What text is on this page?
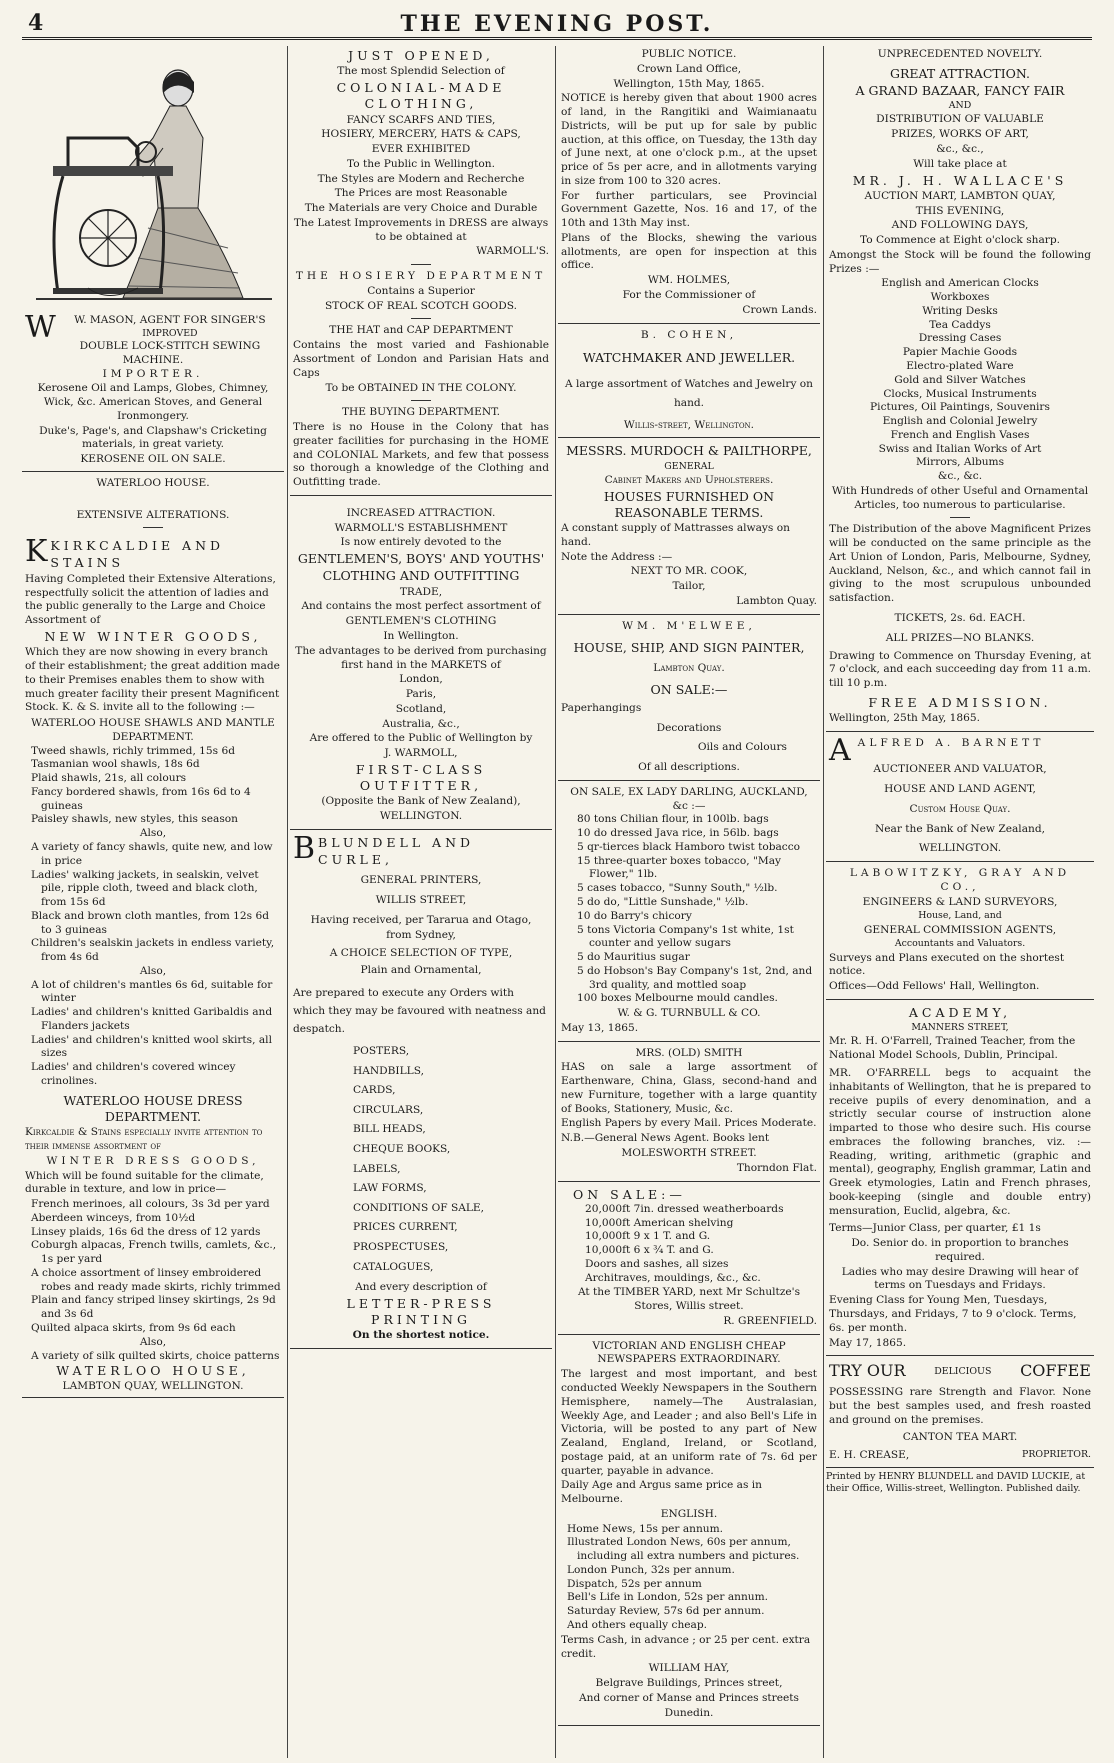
4	THE EVENING POST.
W	W. MASON, AGENT FOR SINGER'S
IMPROVED
DOUBLE LOCK-STITCH SEWING
MACHINE.
IMPORTER.

Kerosene Oil and Lamps, Globes, Chimney, Wick, &c. American Stoves, and General Ironmongery.

Duke's, Page's, and Clapshaw's Cricketing materials, in great variety.

KEROSENE OIL ON SALE.
WATERLOO HOUSE.
EXTENSIVE ALTERATIONS.
KKIRKCALDIE AND STAINS

Having Completed their Extensive Alterations, respectfully solicit the attention of ladies and the public generally to the Large and Choice Assortment of

NEW WINTER GOODS,

Which they are now showing in every branch of their establishment; the great addition made to their Premises enables them to show with much greater facility their present Magnificent Stock. K. & S. invite all to the following :—

WATERLOO HOUSE SHAWLS AND MANTLE DEPARTMENT.
Tweed shawls, richly trimmed, 15s 6d
Tasmanian wool shawls, 18s 6d
Plaid shawls, 21s, all colours
Fancy bordered shawls, from 16s 6d to 4 guineas
Paisley shawls, new styles, this season
Also,
A variety of fancy shawls, quite new, and low in price
Ladies' walking jackets, in sealskin, velvet pile, ripple cloth, tweed and black cloth, from 15s 6d
Black and brown cloth mantles, from 12s 6d to 3 guineas
Children's sealskin jackets in endless variety, from 4s 6d
Also,
A lot of children's mantles 6s 6d, suitable for winter
Ladies' and children's knitted Garibaldis and Flanders jackets
Ladies' and children's knitted wool skirts, all sizes
Ladies' and children's covered wincey crinolines.
WATERLOO HOUSE DRESS DEPARTMENT.

Kirkcaldie & Stains especially invite attention to their immense assortment of

WINTER DRESS GOODS,

Which will be found suitable for the climate, durable in texture, and low in price—

French merinoes, all colours, 3s 3d per yard
Aberdeen winceys, from 10½d
Linsey plaids, 16s 6d the dress of 12 yards
Coburgh alpacas, French twills, camlets, &c., 1s per yard
A choice assortment of linsey embroidered robes and ready made skirts, richly trimmed
Plain and fancy striped linsey skirtings, 2s 9d and 3s 6d
Quilted alpaca skirts, from 9s 6d each
Also,
A variety of silk quilted skirts, choice patterns
WATERLOO HOUSE,
LAMBTON QUAY, WELLINGTON.
JUST OPENED,

The most Splendid Selection of

COLONIAL-MADE CLOTHING,

FANCY SCARFS AND TIES,

HOSIERY, MERCERY, HATS & CAPS,

EVER EXHIBITED

To the Public in Wellington.

The Styles are Modern and Recherche

The Prices are most Reasonable

The Materials are very Choice and Durable

The Latest Improvements in DRESS are always to be obtained at

WARMOLL'S.

THE HOSIERY DEPARTMENT

Contains a Superior

STOCK OF REAL SCOTCH GOODS.

THE HAT and CAP DEPARTMENT

Contains the most varied and Fashionable Assortment of London and Parisian Hats and Caps

To be OBTAINED IN THE COLONY.

THE BUYING DEPARTMENT.

There is no House in the Colony that has greater facilities for purchasing in the HOME and COLONIAL Markets, and few that possess so thorough a knowledge of the Clothing and Outfitting trade.

INCREASED ATTRACTION.

WARMOLL'S ESTABLISHMENT

Is now entirely devoted to the

GENTLEMEN'S, BOYS' AND YOUTHS'

CLOTHING AND OUTFITTING

TRADE,

And contains the most perfect assortment of

GENTLEMEN'S CLOTHING

In Wellington.

The advantages to be derived from purchasing first hand in the MARKETS of

London,

Paris,

Scotland,

Australia, &c.,

Are offered to the Public of Wellington by

J. WARMOLL,

FIRST-CLASS OUTFITTER,

(Opposite the Bank of New Zealand),

WELLINGTON.

BBLUNDELL AND CURLE,

GENERAL PRINTERS,

WILLIS STREET,

Having received, per Tararua and Otago,

from Sydney,

A CHOICE SELECTION OF TYPE,

Plain and Ornamental,

Are prepared to execute any Orders with which they may be favoured with neatness and despatch.

POSTERS,
HANDBILLS,
CARDS,
CIRCULARS,
BILL HEADS,
CHEQUE BOOKS,
LABELS,
LAW FORMS,
CONDITIONS OF SALE,
PRICES CURRENT,
PROSPECTUSES,
CATALOGUES,

And every description of

LETTER-PRESS PRINTING

On the shortest notice.

PUBLIC NOTICE.

Crown Land Office,

Wellington, 15th May, 1865.

NOTICE is hereby given that about 1900 acres of land, in the Rangitiki and Waimianaatu Districts, will be put up for sale by public auction, at this office, on Tuesday, the 13th day of June next, at one o'clock p.m., at the upset price of 5s per acre, and in allotments varying in size from 100 to 320 acres.

For further particulars, see Provincial Government Gazette, Nos. 16 and 17, of the 10th and 13th May inst.

Plans of the Blocks, shewing the various allotments, are open for inspection at this office.

WM. HOLMES,

For the Commissioner of

Crown Lands.

B. COHEN,

WATCHMAKER AND JEWELLER.

A large assortment of Watches and Jewelry on hand.

Willis-street, Wellington.

MESSRS. MURDOCH & PAILTHORPE,

GENERAL

Cabinet Makers and Upholsterers.

HOUSES FURNISHED ON REASONABLE TERMS.

A constant supply of Mattrasses always on hand.

Note the Address :—

NEXT TO MR. COOK,

Tailor,

Lambton Quay.

WM. M'ELWEE,

HOUSE, SHIP, AND SIGN PAINTER,

Lambton Quay.

ON SALE:—

Paperhangings

Decorations

Oils and Colours

Of all descriptions.

ON SALE, EX LADY DARLING, AUCKLAND, &c :—
80 tons Chilian flour, in 100lb. bags
10 do dressed Java rice, in 56lb. bags
5 qr-tierces black Hamboro twist tobacco
15 three-quarter boxes tobacco, "May Flower," 1lb.
5 cases tobacco, "Sunny South," ½lb.
5 do do, "Little Sunshade," ½lb.
10 do Barry's chicory
5 tons Victoria Company's 1st white, 1st counter and yellow sugars
5 do Mauritius sugar
5 do Hobson's Bay Company's 1st, 2nd, and 3rd quality, and mottled soap
100 boxes Melbourne mould candles.

W. & G. TURNBULL & CO.

May 13, 1865.

MRS. (OLD) SMITH

HAS on sale a large assortment of Earthenware, China, Glass, second-hand and new Furniture, together with a large quantity of Books, Stationery, Music, &c.

English Papers by every Mail. Prices Moderate.

N.B.—General News Agent. Books lent

MOLESWORTH STREET.

Thorndon Flat.

ON SALE:—
20,000ft 7in. dressed weatherboards
10,000ft American shelving
10,000ft 9 x 1 T. and G.
10,000ft 6 x ¾ T. and G.
Doors and sashes, all sizes
Architraves, mouldings, &c., &c.

At the TIMBER YARD, next Mr Schultze's Stores, Willis street.

R. GREENFIELD.

VICTORIAN AND ENGLISH CHEAP NEWSPAPERS EXTRAORDINARY.

The largest and most important, and best conducted Weekly Newspapers in the Southern Hemisphere, namely—The Australasian, Weekly Age, and Leader ; and also Bell's Life in Victoria, will be posted to any part of New Zealand, England, Ireland, or Scotland, postage paid, at an uniform rate of 7s. 6d per quarter, payable in advance.

Daily Age and Argus same price as in Melbourne.

ENGLISH.

Home News, 15s per annum.
Illustrated London News, 60s per annum, including all extra numbers and pictures.
London Punch, 32s per annum.
Dispatch, 52s per annum
Bell's Life in London, 52s per annum.
Saturday Review, 57s 6d per annum.
And others equally cheap.

Terms Cash, in advance ; or 25 per cent. extra credit.

WILLIAM HAY,

Belgrave Buildings, Princes street,

And corner of Manse and Princes streets

Dunedin.

UNPRECEDENTED NOVELTY.

GREAT ATTRACTION.

A GRAND BAZAAR, FANCY FAIR

AND

DISTRIBUTION OF VALUABLE

PRIZES, WORKS OF ART,

&c., &c.,

Will take place at

MR. J. H. WALLACE'S

AUCTION MART, LAMBTON QUAY,

THIS EVENING,

AND FOLLOWING DAYS,

To Commence at Eight o'clock sharp.

Amongst the Stock will be found the following Prizes :—

English and American Clocks
Workboxes
Writing Desks
Tea Caddys
Dressing Cases
Papier Machie Goods
Electro-plated Ware
Gold and Silver Watches
Clocks, Musical Instruments
Pictures, Oil Paintings, Souvenirs
English and Colonial Jewelry
French and English Vases
Swiss and Italian Works of Art
Mirrors, Albums
&c., &c.

With Hundreds of other Useful and Ornamental Articles, too numerous to particularise.

The Distribution of the above Magnificent Prizes will be conducted on the same principle as the Art Union of London, Paris, Melbourne, Sydney, Auckland, Nelson, &c., and which cannot fail in giving to the most scrupulous unbounded satisfaction.

TICKETS, 2s. 6d. EACH.

ALL PRIZES—NO BLANKS.

Drawing to Commence on Thursday Evening, at 7 o'clock, and each succeeding day from 11 a.m. till 10 p.m.

FREE ADMISSION.

Wellington, 25th May, 1865.

AALFRED A. BARNETT

AUCTIONEER AND VALUATOR,

HOUSE AND LAND AGENT,

Custom House Quay.

Near the Bank of New Zealand,

WELLINGTON.

LABOWITZKY, GRAY AND CO.,

ENGINEERS & LAND SURVEYORS,

House, Land, and

GENERAL COMMISSION AGENTS,

Accountants and Valuators.

Surveys and Plans executed on the shortest notice.

Offices—Odd Fellows' Hall, Wellington.

ACADEMY,

MANNERS STREET,

Mr. R. H. O'Farrell, Trained Teacher, from the National Model Schools, Dublin, Principal.

MR. O'FARRELL begs to acquaint the inhabitants of Wellington, that he is prepared to receive pupils of every denomination, and a strictly secular course of instruction alone imparted to those who desire such. His course embraces the following branches, viz. :—Reading, writing, arithmetic (graphic and mental), geography, English grammar, Latin and Greek etymologies, Latin and French phrases, book-keeping (single and double entry) mensuration, Euclid, algebra, &c.

Terms—Junior Class, per quarter, £1 1s

Do. Senior do. in proportion to branches required.

Ladies who may desire Drawing will hear of terms on Tuesdays and Fridays.

Evening Class for Young Men, Tuesdays, Thursdays, and Fridays, 7 to 9 o'clock. Terms, 6s. per month.

May 17, 1865.

TRY OUR	DELICIOUS COFFEE

POSSESSING rare Strength and Flavor. None but the best samples used, and fresh roasted and ground on the premises.

CANTON TEA MART.

E. H. CREASE,	PROPRIETOR.

Printed by HENRY BLUNDELL and DAVID LUCKIE, at their Office, Willis-street, Wellington. Published daily.
